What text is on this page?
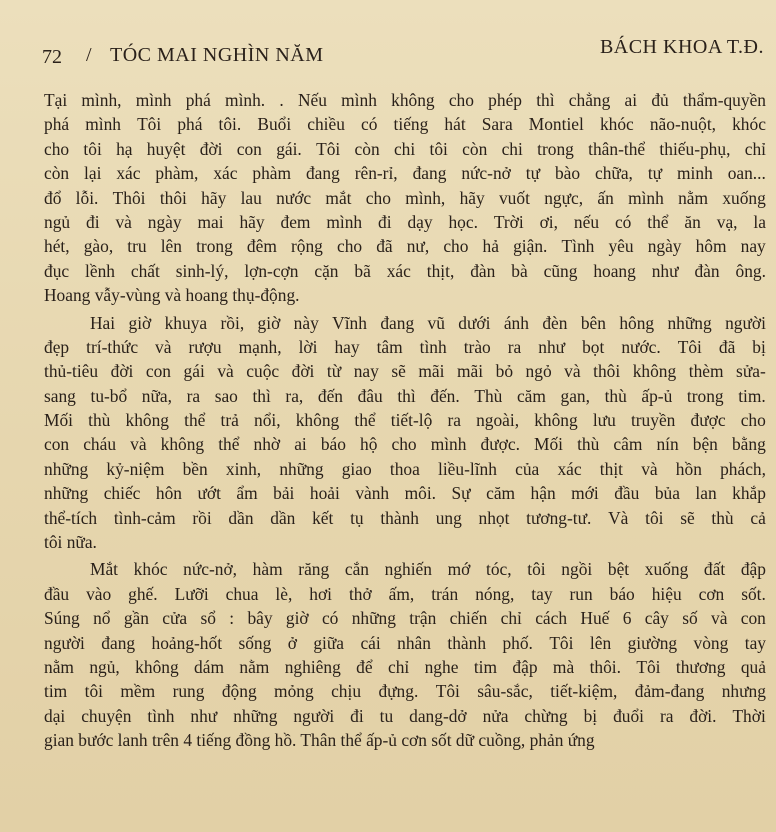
72 / TÓC MAI NGHÌN NĂM	BÁCH KHOA T.Đ.
Tại mình, mình phá mình. . Nếu mình không cho phép thì chẳng ai đủ thẩm-quyền
phá mình Tôi phá tôi. Buổi chiều có tiếng hát Sara Montiel khóc não-nuột, khóc
cho tôi hạ huyệt đời con gái. Tôi còn chi tôi còn chi trong thân-thể thiếu-phụ, chỉ
còn lại xác phàm, xác phàm đang rên-rỉ, đang nức-nở tự bào chữa, tự minh oan...
đổ lỗi. Thôi thôi hãy lau nước mắt cho mình, hãy vuốt ngực, ấn mình nằm xuống
ngủ đi và ngày mai hãy đem mình đi dạy học. Trời ơi, nếu có thể ăn vạ, la
hét, gào, tru lên trong đêm rộng cho đã nư, cho hả giận. Tình yêu ngày hôm nay
đục lềnh chất sinh-lý, lợn-cợn cặn bã xác thịt, đàn bà cũng hoang như đàn ông.
Hoang vẫy-vùng và hoang thụ-động.
Hai giờ khuya rồi, giờ này Vĩnh đang vũ dưới ánh đèn bên hông những người
đẹp trí-thức và rượu mạnh, lời hay tâm tình trào ra như bọt nước. Tôi đã bị
thủ-tiêu đời con gái và cuộc đời từ nay sẽ mãi mãi bỏ ngỏ và thôi không thèm sửa-
sang tu-bổ nữa, ra sao thì ra, đến đâu thì đến. Thù căm gan, thù ấp-ủ trong tim.
Mối thù không thể trả nổi, không thể tiết-lộ ra ngoài, không lưu truyền được cho
con cháu và không thể nhờ ai báo hộ cho mình được. Mối thù câm nín bện bằng
những kỷ-niệm bền xinh, những giao thoa liều-lĩnh của xác thịt và hồn phách,
những chiếc hôn ướt ẩm bải hoải vành môi. Sự căm hận mới đầu bủa lan khắp
thể-tích tình-cảm rồi dần dần kết tụ thành ung nhọt tương-tư. Và tôi sẽ thù cả
tôi nữa.
Mắt khóc nức-nở, hàm răng cắn nghiến mớ tóc, tôi ngồi bệt xuống đất đập
đầu vào ghế. Lưỡi chua lè, hơi thở ấm, trán nóng, tay run báo hiệu cơn sốt.
Súng nổ gần cửa sổ : bây giờ có những trận chiến chỉ cách Huế 6 cây số và con
người đang hoảng-hốt sống ở giữa cái nhân thành phố. Tôi lên giường vòng tay
nằm ngủ, không dám nằm nghiêng để chỉ nghe tim đập mà thôi. Tôi thương quả
tim tôi mềm rung động mỏng chịu đựng. Tôi sâu-sắc, tiết-kiệm, đảm-đang nhưng
dại chuyện tình như những người đi tu dang-dở nửa chừng bị đuổi ra đời. Thời
gian bước lanh trên 4 tiếng đồng hồ. Thân thể ấp-ủ cơn sốt dữ cuồng, phản ứng
